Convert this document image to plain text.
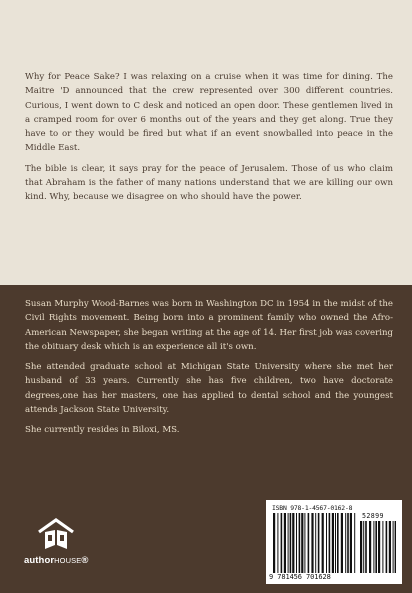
Why for Peace Sake? I was relaxing on a cruise when it was time for dining. The Maitre 'D announced that the crew represented over 300 different countries. Curious, I went down to C desk and noticed an open door. These gentlemen lived in a cramped room for over 6 months out of the years and they get along. True they have to or they would be fired but what if an event snowballed into peace in the Middle East.

The bible is clear, it says pray for the peace of Jerusalem. Those of us who claim that Abraham is the father of many nations understand that we are killing our own kind. Why, because we disagree on who should have the power.

Susan Murphy Wood-Barnes was born in Washington DC in 1954 in the midst of the Civil Rights movement. Being born into a prominent family who owned the Afro-American Newspaper, she began writing at the age of 14. Her first job was covering the obituary desk which is an experience all it's own.

She attended graduate school at Michigan State University where she met her husband of 33 years. Currently she has five children, two have doctorate degrees,one has her masters, one has applied to dental school and the youngest attends Jackson State University.

She currently resides in Biloxi, MS.

authorHOUSE®
ISBN 978-1-4567-0162-8
52899
9 781456 701628
